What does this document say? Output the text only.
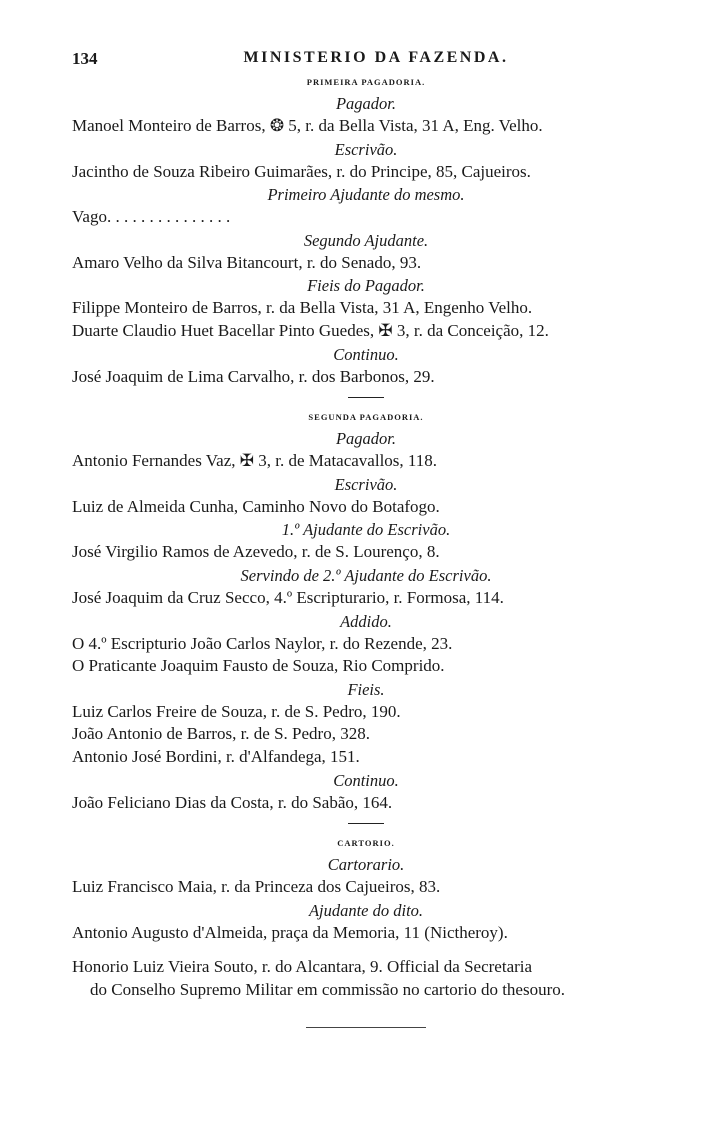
134	MINISTERIO DA FAZENDA.
PRIMEIRA PAGADORIA.
Pagador.
Manoel Monteiro de Barros, ❂ 5, r. da Bella Vista, 31 A, Eng. Velho.
Escrivão.
Jacintho de Souza Ribeiro Guimarães, r. do Principe, 85, Cajueiros.
Primeiro Ajudante do mesmo.
Vago. . . . . . . . . . . . . . .
Segundo Ajudante.
Amaro Velho da Silva Bitancourt, r. do Senado, 93.
Fieis do Pagador.
Filippe Monteiro de Barros, r. da Bella Vista, 31 A, Engenho Velho.
Duarte Claudio Huet Bacellar Pinto Guedes, ✠ 3, r. da Conceição, 12.
Continuo.
José Joaquim de Lima Carvalho, r. dos Barbonos, 29.
SEGUNDA PAGADORIA.
Pagador.
Antonio Fernandes Vaz, ✠ 3, r. de Matacavallos, 118.
Escrivão.
Luiz de Almeida Cunha, Caminho Novo do Botafogo.
1.º Ajudante do Escrivão.
José Virgilio Ramos de Azevedo, r. de S. Lourenço, 8.
Servindo de 2.º Ajudante do Escrivão.
José Joaquim da Cruz Secco, 4.º Escripturario, r. Formosa, 114.
Addido.
O 4.º Escripturio João Carlos Naylor, r. do Rezende, 23.
O Praticante Joaquim Fausto de Souza, Rio Comprido.
Fieis.
Luiz Carlos Freire de Souza, r. de S. Pedro, 190.
João Antonio de Barros, r. de S. Pedro, 328.
Antonio José Bordini, r. d'Alfandega, 151.
Continuo.
João Feliciano Dias da Costa, r. do Sabão, 164.
CARTORIO.
Cartorario.
Luiz Francisco Maia, r. da Princeza dos Cajueiros, 83.
Ajudante do dito.
Antonio Augusto d'Almeida, praça da Memoria, 11 (Nictheroy).
Honorio Luiz Vieira Souto, r. do Alcantara, 9. Official da Secretaria
do Conselho Supremo Militar em commissão no cartorio do thesouro.
